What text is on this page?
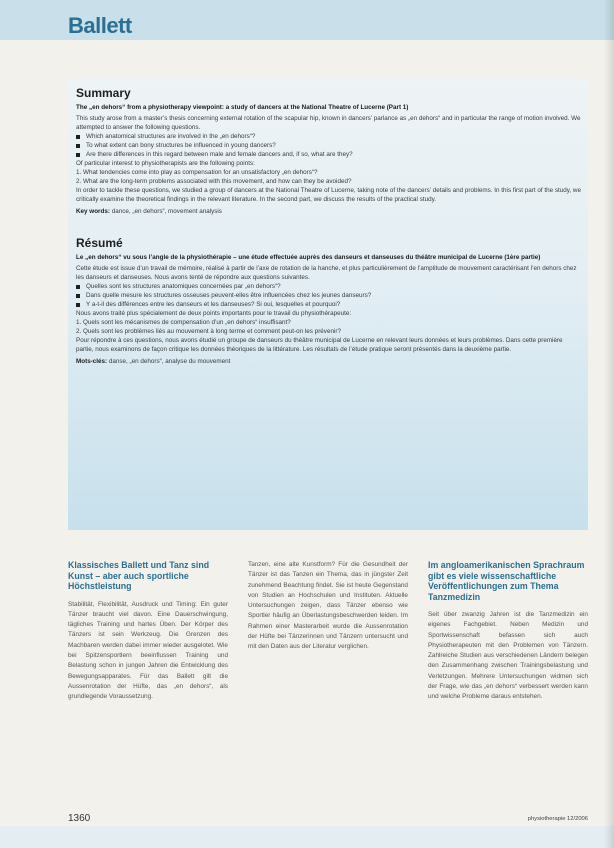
Ballett
Summary

The „en dehors“ from a physiotherapy viewpoint: a study of dancers at the National Theatre of Lucerne (Part 1)

This study arose from a master’s thesis concerning external rotation of the scapular hip, known in dancers’ parlance as „en dehors“ and in particular the range of motion involved. We attempted to answer the following questions.

Which anatomical structures are involved in the „en dehors“?
To what extent can bony structures be influenced in young dancers?
Are there differences in this regard between male and female dancers and, if so, what are they?

Of particular interest to physiotherapists are the following points:

1. What tendencies come into play as compensation for an unsatisfactory „en dehors“?

2. What are the long-term problems associated with this movement, and how can they be avoided?

In order to tackle these questions, we studied a group of dancers at the National Theatre of Lucerne, taking note of the dancers’ details and problems. In this first part of the study, we critically examine the theoretical findings in the relevant literature. In the second part, we discuss the results of the practical study.

Key words: dance, „en dehors“, movement analysis

Résumé

Le „en dehors“ vu sous l’angle de la physiothérapie – une étude effectuée auprès des danseurs et danseuses du théâtre municipal de Lucerne (1ère partie)

Cette étude est issue d’un travail de mémoire, réalisé à partir de l’axe de rotation de la hanche, et plus particulièrement de l’amplitude de mouvement caractérisant l’en dehors chez les danseurs et danseuses. Nous avons tenté de répondre aux questions suivantes.

Quelles sont les structures anatomiques concernées par „en dehors“?
Dans quelle mesure les structures osseuses peuvent-elles être influencées chez les jeunes danseurs?
Y a-t-il des différences entre les danseurs et les danseuses? Si oui, lesquelles et pourquoi?

Nous avons traité plus spécialement de deux points importants pour le travail du physiothérapeute:

1. Quels sont les mécanismes de compensation d’un „en dehors“ insuffisant?

2. Quels sont les problèmes liés au mouvement à long terme et comment peut-on les prévenir?

Pour répondre à ces questions, nous avons étudié un groupe de danseurs du théâtre municipal de Lucerne en relevant leurs données et leurs problèmes. Dans cette première partie, nous examinons de façon critique les données théoriques de la littérature. Les résultats de l’étude pratique seront présentés dans la deuxième partie.

Mots-clés: danse, „en dehors“, analyse du mouvement

Klassisches Ballett und Tanz sind Kunst – aber auch sportliche Höchstleistung

Stabilität, Flexibilität, Ausdruck und Timing: Ein guter Tänzer braucht viel davon. Eine Dauerschwingung, tägliches Training und hartes Üben. Der Körper des Tänzers ist sein Werkzeug. Die Grenzen des Machbaren werden dabei immer wieder ausgelotet. Wie bei Spitzensportlern beeinflussen Training und Belastung schon in jungen Jahren die Entwicklung des Bewegungsapparates. Für das Ballett gilt die Aussenrotation der Hüfte, das „en dehors“, als grundlegende Voraussetzung.

Tanzen, eine alte Kunstform? Für die Gesundheit der Tänzer ist das Tanzen ein Thema, das in jüngster Zeit zunehmend Beachtung findet. Sie ist heute Gegenstand von Studien an Hochschulen und Instituten. Aktuelle Untersuchungen zeigen, dass Tänzer ebenso wie Sportler häufig an Überlastungsbeschwerden leiden. Im Rahmen einer Masterarbeit wurde die Aussenrotation der Hüfte bei Tänzerinnen und Tänzern untersucht und mit den Daten aus der Literatur verglichen.

Im angloamerikanischen Sprachraum gibt es viele wissenschaftliche Veröffentlichungen zum Thema Tanzmedizin

Seit über zwanzig Jahren ist die Tanzmedizin ein eigenes Fachgebiet. Neben Medizin und Sportwissenschaft befassen sich auch Physiotherapeuten mit den Problemen von Tänzern. Zahlreiche Studien aus verschiedenen Ländern belegen den Zusammenhang zwischen Trainingsbelastung und Verletzungen. Mehrere Untersuchungen widmen sich der Frage, wie das „en dehors“ verbessert werden kann und welche Probleme daraus entstehen.

1360	physiotherapie 12/2006
